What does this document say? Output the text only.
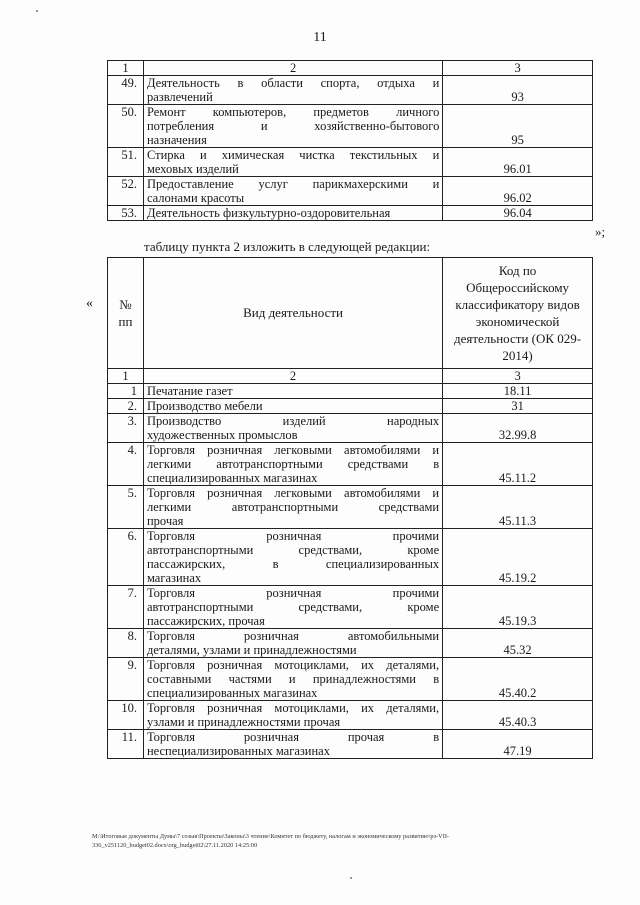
11
1	2	3
49.	Деятельность в области спорта, отдыха и
развлечений	93
50.	Ремонт компьютеров, предметов личного
потребления и хозяйственно-бытового
назначения	95
51.	Стирка и химическая чистка текстильных и
меховых изделий	96.01
52.	Предоставление услуг парикмахерскими и
салонами красоты	96.02
53.	Деятельность физкультурно-оздоровительная	96.04
»;
таблицу пункта 2 изложить в следующей редакции:
«	№ пп	Вид деятельности	Код по Общероссийскому классификатору видов экономической деятельности (ОК 029-2014)
1	2	3
1	Печатание газет	18.11
2.	Производство мебели	31
3.	Производство изделий народных
художественных промыслов	32.99.8
4.	Торговля розничная легковыми автомобилями и
легкими автотранспортными средствами в
специализированных магазинах	45.11.2
5.	Торговля розничная легковыми автомобилями и
легкими автотранспортными средствами
прочая	45.11.3
6.	Торговля розничная прочими
автотранспортными средствами, кроме
пассажирских, в специализированных
магазинах	45.19.2
7.	Торговля розничная прочими
автотранспортными средствами, кроме
пассажирских, прочая	45.19.3
8.	Торговля розничная автомобильными
деталями, узлами и принадлежностями	45.32
9.	Торговля розничная мотоциклами, их деталями,
составными частями и принадлежностями в
специализированных магазинах	45.40.2
10.	Торговля розничная мотоциклами, их деталями,
узлами и принадлежностями прочая	45.40.3
11.	Торговля розничная прочая в
неспециализированных магазинах	47.19
M:\Итоговые документы Думы\7 созыв\Проекты\Законы\3 чтение\Комитет по бюджету, налогам и экономическому развитию\рз-VII-
336_v251120_budget02.docx\org_budget02\27.11.2020 14:25:00
